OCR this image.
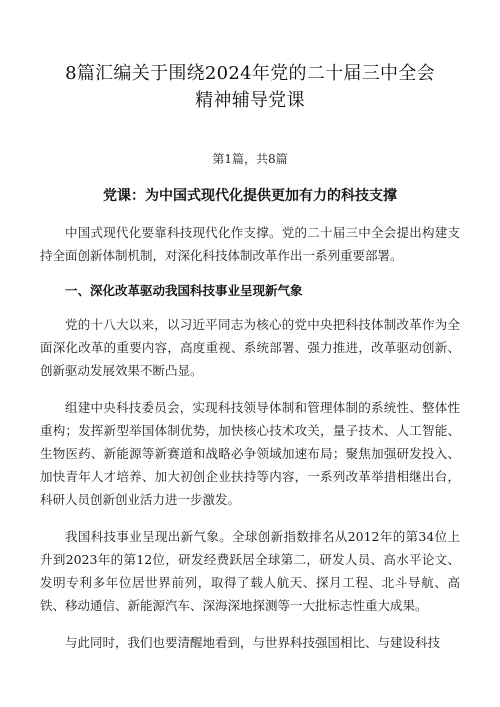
8篇汇编关于围绕2024年党的二十届三中全会精神辅导党课
第1篇，共8篇
党课：为中国式现代化提供更加有力的科技支撑

中国式现代化要靠科技现代化作支撑。党的二十届三中全会提出构建支持全面创新体制机制，对深化科技体制改革作出一系列重要部署。

一、深化改革驱动我国科技事业呈现新气象

党的十八大以来，以习近平同志为核心的党中央把科技体制改革作为全面深化改革的重要内容，高度重视、系统部署、强力推进，改革驱动创新、创新驱动发展效果不断凸显。

组建中央科技委员会，实现科技领导体制和管理体制的系统性、整体性重构；发挥新型举国体制优势，加快核心技术攻关，量子技术、人工智能、生物医药、新能源等新赛道和战略必争领域加速布局；聚焦加强研发投入、加快青年人才培养、加大初创企业扶持等内容，一系列改革举措相继出台，科研人员创新创业活力进一步激发。

我国科技事业呈现出新气象。全球创新指数排名从2012年的第34位上升到2023年的第12位，研发经费跃居全球第二，研发人员、高水平论文、发明专利多年位居世界前列，取得了载人航天、探月工程、北斗导航、高铁、移动通信、新能源汽车、深海深地探测等一大批标志性重大成果。

与此同时，我们也要清醒地看到，与世界科技强国相比、与建设科技
